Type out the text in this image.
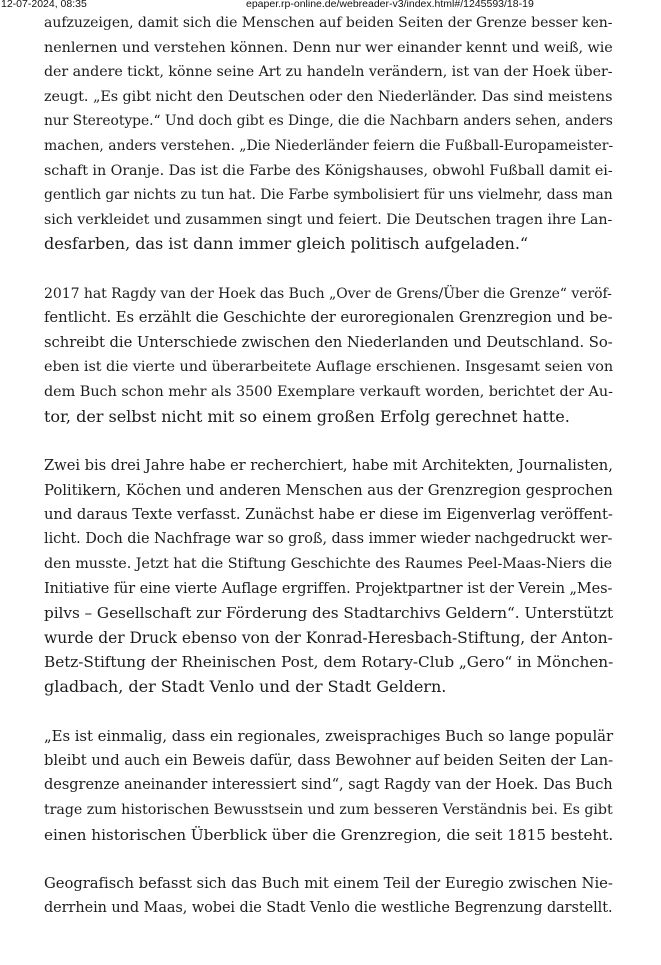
12-07-2024, 08:35	epaper.rp-online.de/webreader-v3/index.html#/1245593/18-19
aufzuzeigen, damit sich die Menschen auf beiden Seiten der Grenze besser ken-
nenlernen und verstehen können. Denn nur wer einander kennt und weiß, wie
der andere tickt, könne seine Art zu handeln verändern, ist van der Hoek über-
zeugt. „Es gibt nicht den Deutschen oder den Niederländer. Das sind meistens
nur Stereotype.“ Und doch gibt es Dinge, die die Nachbarn anders sehen, anders
machen, anders verstehen. „Die Niederländer feiern die Fußball-Europameister-
schaft in Oranje. Das ist die Farbe des Königshauses, obwohl Fußball damit ei-
gentlich gar nichts zu tun hat. Die Farbe symbolisiert für uns vielmehr, dass man
sich verkleidet und zusammen singt und feiert. Die Deutschen tragen ihre Lan-
desfarben, das ist dann immer gleich politisch aufgeladen.“
2017 hat Ragdy van der Hoek das Buch „Over de Grens/Über die Grenze“ veröf-
fentlicht. Es erzählt die Geschichte der euroregionalen Grenzregion und be-
schreibt die Unterschiede zwischen den Niederlanden und Deutschland. So-
eben ist die vierte und überarbeitete Auflage erschienen. Insgesamt seien von
dem Buch schon mehr als 3500 Exemplare verkauft worden, berichtet der Au-
tor, der selbst nicht mit so einem großen Erfolg gerechnet hatte.
Zwei bis drei Jahre habe er recherchiert, habe mit Architekten, Journalisten,
Politikern, Köchen und anderen Menschen aus der Grenzregion gesprochen
und daraus Texte verfasst. Zunächst habe er diese im Eigenverlag veröffent-
licht. Doch die Nachfrage war so groß, dass immer wieder nachgedruckt wer-
den musste. Jetzt hat die Stiftung Geschichte des Raumes Peel-Maas-Niers die
Initiative für eine vierte Auflage ergriffen. Projektpartner ist der Verein „Mes-
pilvs – Gesellschaft zur Förderung des Stadtarchivs Geldern“. Unterstützt
wurde der Druck ebenso von der Konrad-Heresbach-Stiftung, der Anton-
Betz-Stiftung der Rheinischen Post, dem Rotary-Club „Gero“ in Mönchen-
gladbach, der Stadt Venlo und der Stadt Geldern.
„Es ist einmalig, dass ein regionales, zweisprachiges Buch so lange populär
bleibt und auch ein Beweis dafür, dass Bewohner auf beiden Seiten der Lan-
desgrenze aneinander interessiert sind“, sagt Ragdy van der Hoek. Das Buch
trage zum historischen Bewusstsein und zum besseren Verständnis bei. Es gibt
einen historischen Überblick über die Grenzregion, die seit 1815 besteht.
Geografisch befasst sich das Buch mit einem Teil der Euregio zwischen Nie-
derrhein und Maas, wobei die Stadt Venlo die westliche Begrenzung darstellt.
